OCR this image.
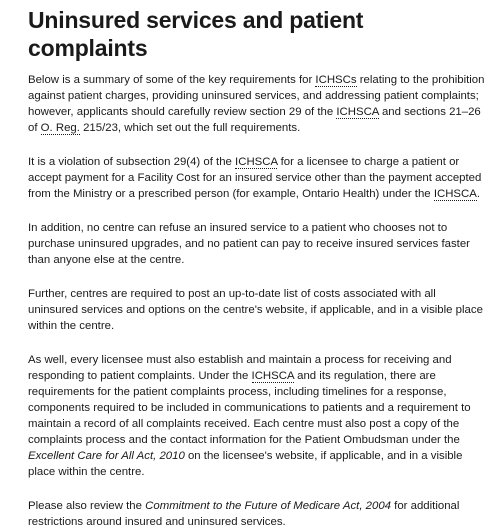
Uninsured services and patient complaints

Below is a summary of some of the key requirements for ICHSCs relating to the prohibition against patient charges, providing uninsured services, and addressing patient complaints; however, applicants should carefully review section 29 of the ICHSCA and sections 21–26 of O. Reg. 215/23, which set out the full requirements.

It is a violation of subsection 29(4) of the ICHSCA for a licensee to charge a patient or accept payment for a Facility Cost for an insured service other than the payment accepted from the Ministry or a prescribed person (for example, Ontario Health) under the ICHSCA.

In addition, no centre can refuse an insured service to a patient who chooses not to purchase uninsured upgrades, and no patient can pay to receive insured services faster than anyone else at the centre.

Further, centres are required to post an up-to-date list of costs associated with all uninsured services and options on the centre's website, if applicable, and in a visible place within the centre.

As well, every licensee must also establish and maintain a process for receiving and responding to patient complaints. Under the ICHSCA and its regulation, there are requirements for the patient complaints process, including timelines for a response, components required to be included in communications to patients and a requirement to maintain a record of all complaints received. Each centre must also post a copy of the complaints process and the contact information for the Patient Ombudsman under the Excellent Care for All Act, 2010 on the licensee's website, if applicable, and in a visible place within the centre.

Please also review the Commitment to the Future of Medicare Act, 2004 for additional restrictions around insured and uninsured services.
